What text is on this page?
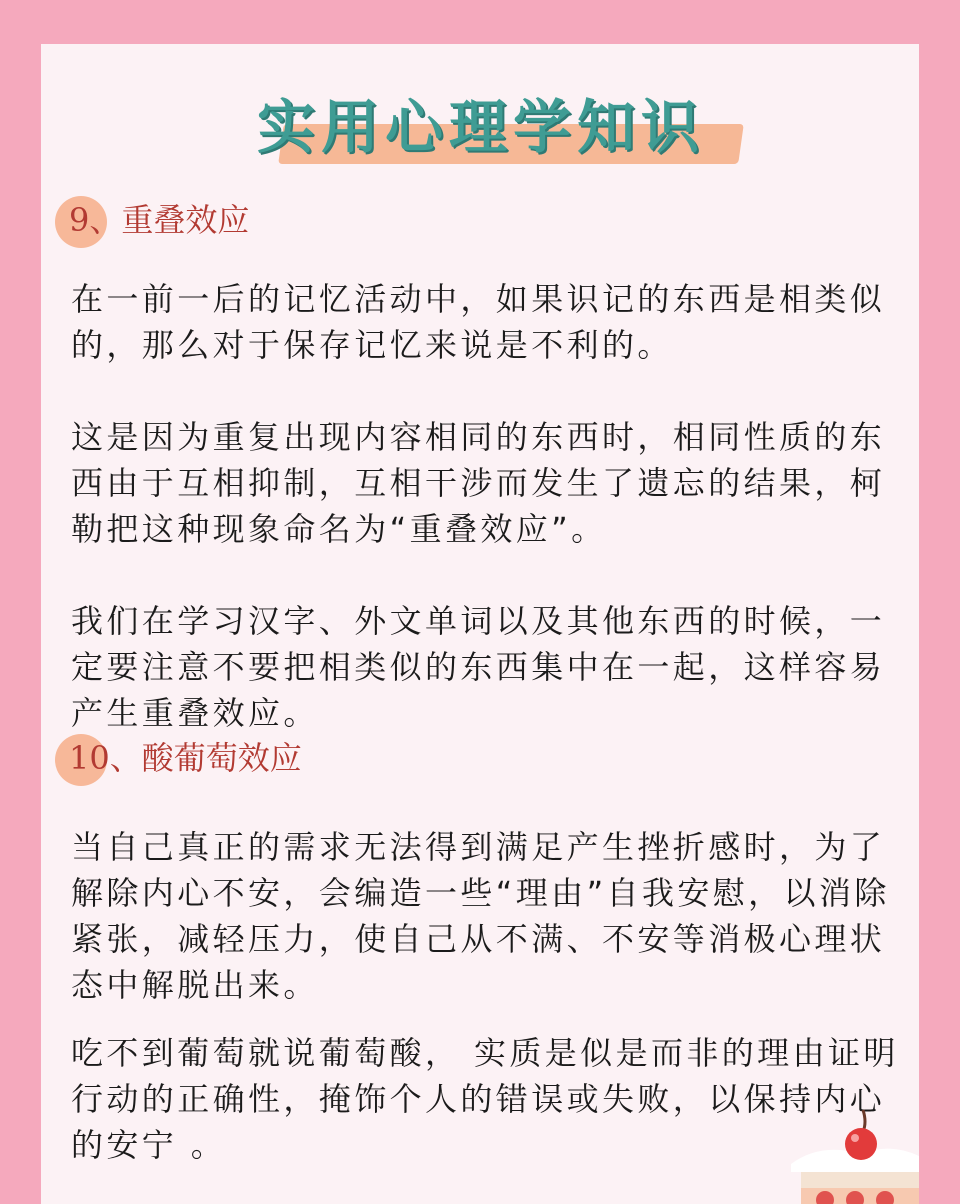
实用心理学知识
9、重叠效应

在一前一后的记忆活动中，如果识记的东西是相类似的，那么对于保存记忆来说是不利的。

这是因为重复出现内容相同的东西时，相同性质的东西由于互相抑制，互相干涉而发生了遗忘的结果，柯勒把这种现象命名为“重叠效应”。

我们在学习汉字、外文单词以及其他东西的时候，一定要注意不要把相类似的东西集中在一起，这样容易产生重叠效应。

10、酸葡萄效应

当自己真正的需求无法得到满足产生挫折感时，为了解除内心不安，会编造一些“理由”自我安慰，以消除紧张，减轻压力，使自己从不满、不安等消极心理状态中解脱出来。

吃不到葡萄就说葡萄酸， 实质是似是而非的理由证明行动的正确性，掩饰个人的错误或失败，以保持内心的安宁 。
